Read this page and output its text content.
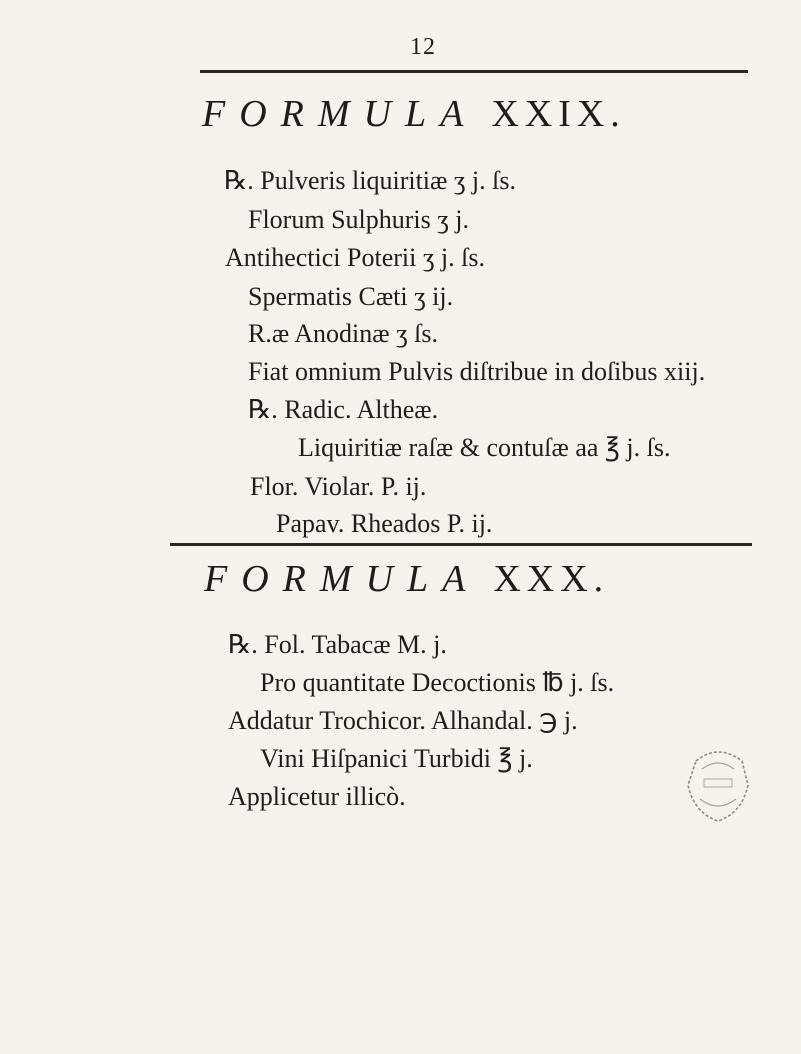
12
FORMULA XXIX.
℞. Pulveris liquiritiæ ʒ j. ſs.
Florum Sulphuris ʒ j.
Antihectici Poterii ʒ j. ſs.
Spermatis Cæti ʒ ij.
R.æ Anodinæ ʒ ſs.
Fiat omnium Pulvis diſtribue in doſibus xiij.
℞. Radic. Altheæ.
Liquiritiæ raſæ & contuſæ aa ℥ j. ſs.
Flor. Violar. P. ij.
Papav. Rheados P. ij.
FORMULA XXX.
℞. Fol. Tabacæ M. j.
Pro quantitate Decoctionis ℔ j. ſs.
Addatur Trochicor. Alhandal. ℈ j.
Vini Hiſpanici Turbidi ℥ j.
Applicetur illicò.
